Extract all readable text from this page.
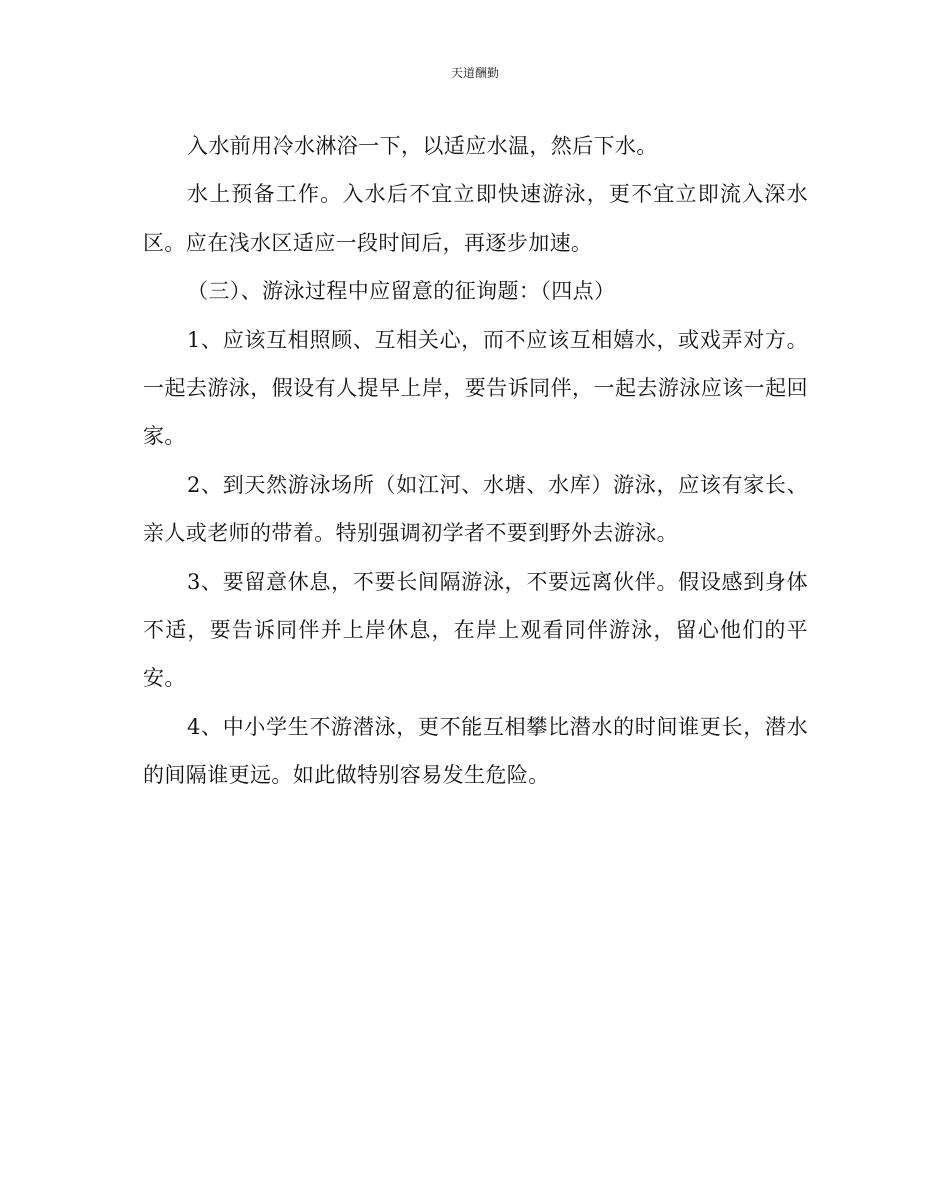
天道酬勤

入水前用冷水淋浴一下，以适应水温，然后下水。

水上预备工作。入水后不宜立即快速游泳，更不宜立即流入深水区。应在浅水区适应一段时间后，再逐步加速。

（三）、游泳过程中应留意的征询题：（四点）

1、应该互相照顾、互相关心，而不应该互相嬉水，或戏弄对方。一起去游泳，假设有人提早上岸，要告诉同伴，一起去游泳应该一起回家。

2、到天然游泳场所（如江河、水塘、水库）游泳，应该有家长、亲人或老师的带着。特别强调初学者不要到野外去游泳。

3、要留意休息，不要长间隔游泳，不要远离伙伴。假设感到身体不适，要告诉同伴并上岸休息，在岸上观看同伴游泳，留心他们的平安。

4、中小学生不游潜泳，更不能互相攀比潜水的时间谁更长，潜水的间隔谁更远。如此做特别容易发生危险。
